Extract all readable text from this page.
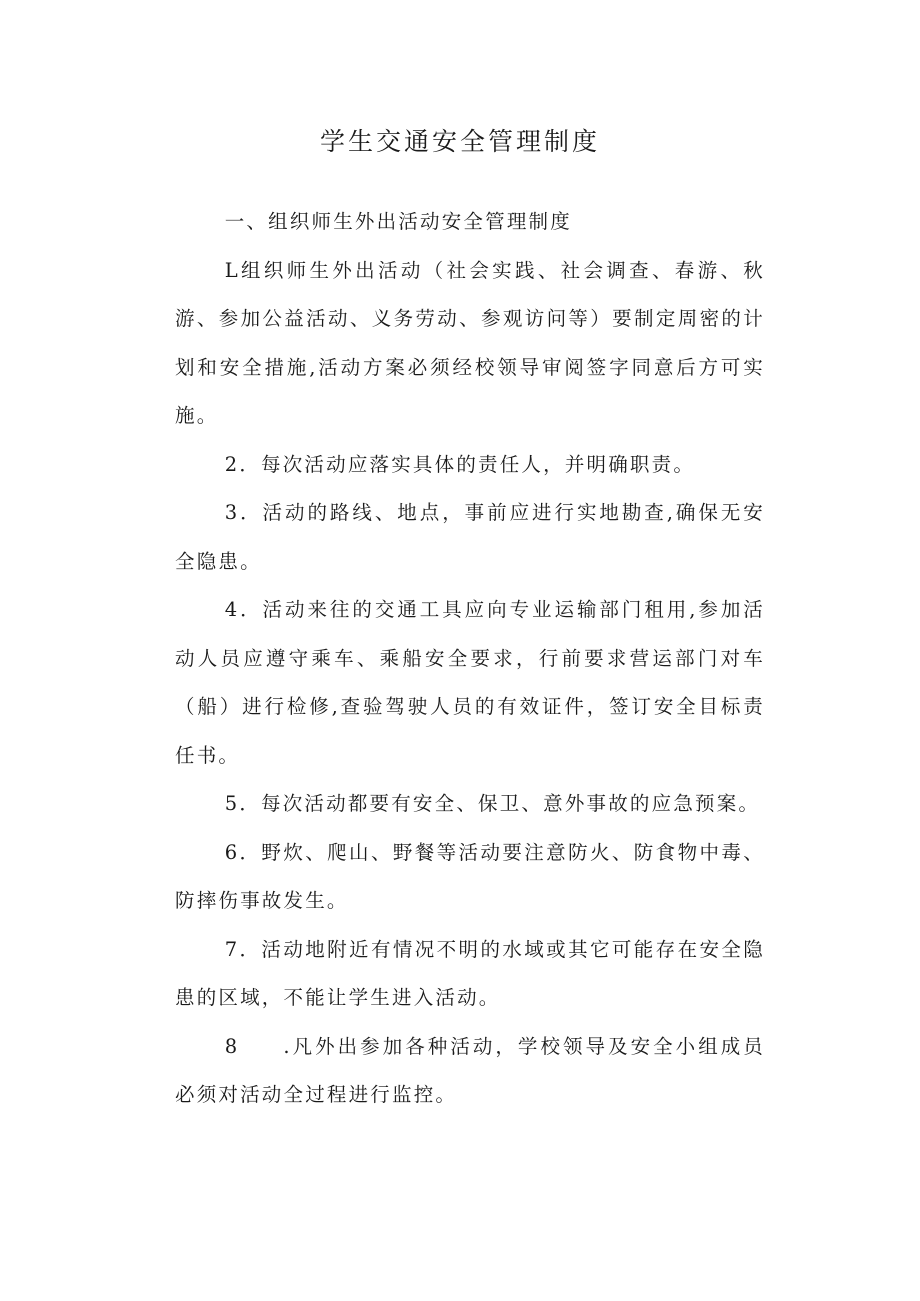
学生交通安全管理制度

一、组织师生外出活动安全管理制度

L组织师生外出活动（社会实践、社会调查、春游、秋游、参加公益活动、义务劳动、参观访问等）要制定周密的计划和安全措施,活动方案必须经校领导审阅签字同意后方可实施。

2．每次活动应落实具体的责任人，并明确职责。

3．活动的路线、地点，事前应进行实地勘查,确保无安全隐患。

4．活动来往的交通工具应向专业运输部门租用,参加活动人员应遵守乘车、乘船安全要求，行前要求营运部门对车（船）进行检修,查验驾驶人员的有效证件，签订安全目标责任书。

5．每次活动都要有安全、保卫、意外事故的应急预案。

6．野炊、爬山、野餐等活动要注意防火、防食物中毒、防摔伤事故发生。

7．活动地附近有情况不明的水域或其它可能存在安全隐患的区域，不能让学生进入活动。

8 .凡外出参加各种活动，学校领导及安全小组成员必须对活动全过程进行监控。
